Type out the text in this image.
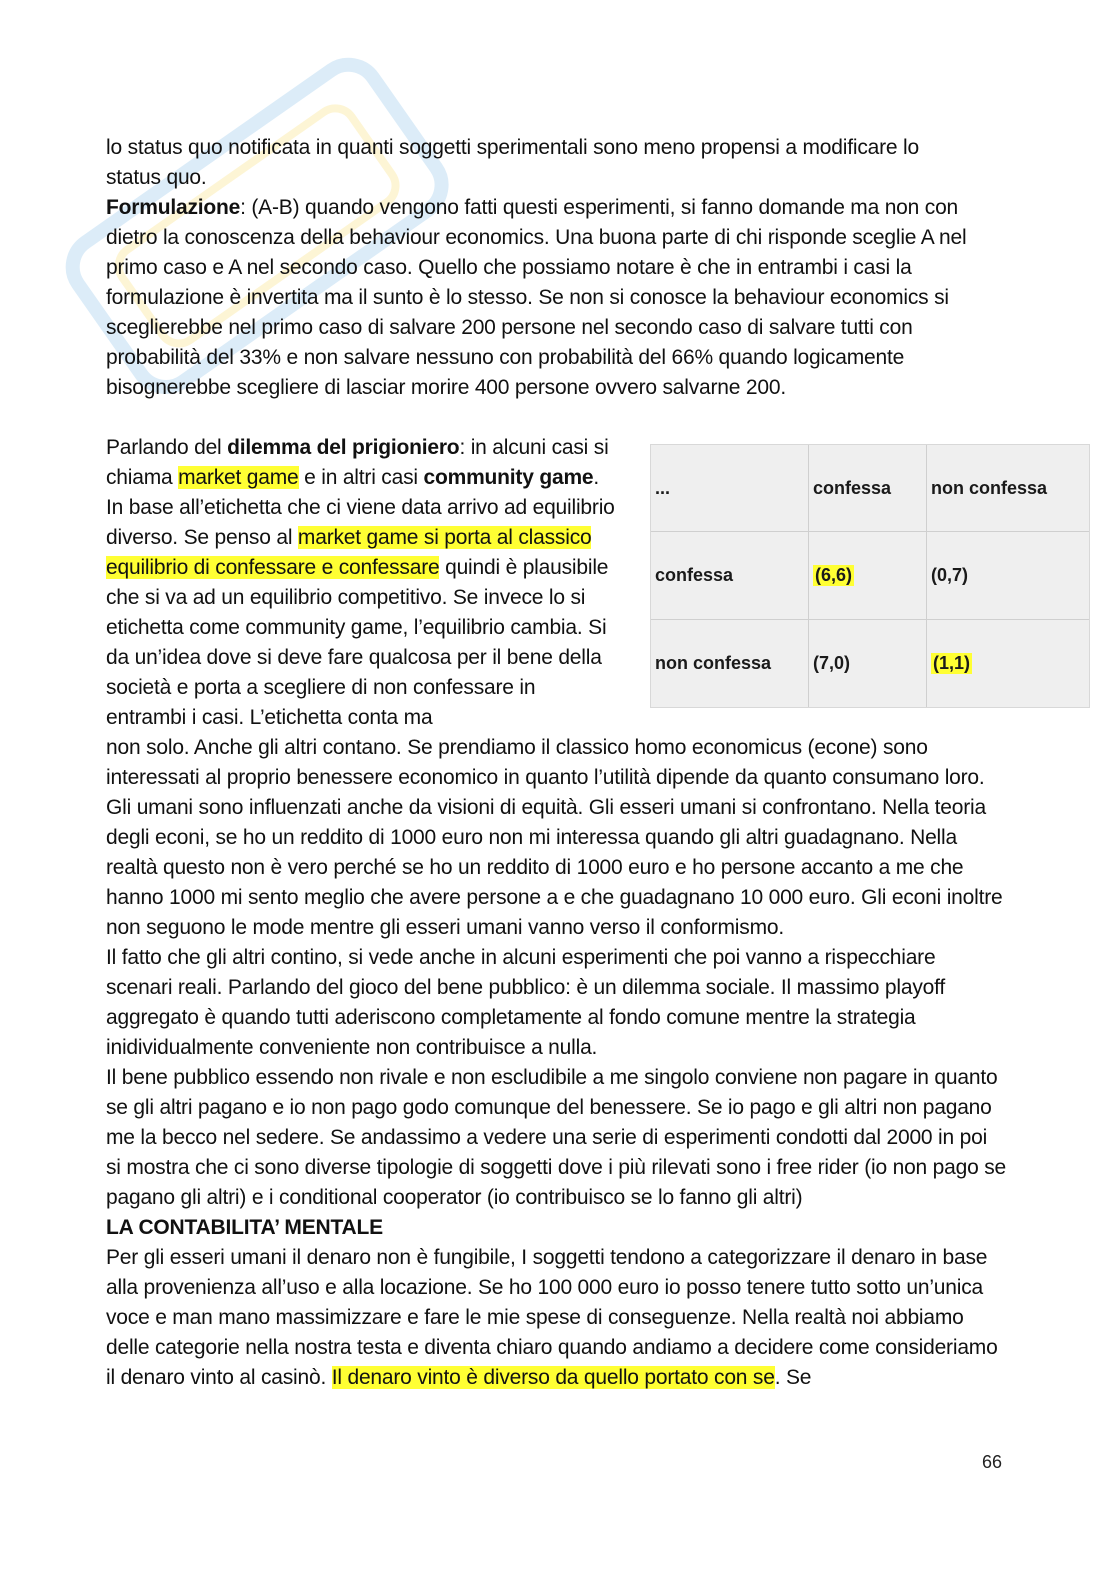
lo status quo notificata in quanti soggetti sperimentali sono meno propensi a modificare lo
status quo.

Formulazione: (A-B) quando vengono fatti questi esperimenti, si fanno domande ma non con dietro la conoscenza della behaviour economics. Una buona parte di chi risponde sceglie A nel primo caso e A nel secondo caso. Quello che possiamo notare è che in entrambi i casi la formulazione è invertita ma il sunto è lo stesso. Se non si conosce la behaviour economics si sceglierebbe nel primo caso di salvare 200 persone nel secondo caso di salvare tutti con probabilità del 33% e non salvare nessuno con probabilità del 66% quando logicamente bisognerebbe scegliere di lasciar morire 400 persone ovvero salvarne 200.

Parlando del dilemma del prigioniero: in alcuni casi si chiama market game e in altri casi community game. In base all’etichetta che ci viene data arrivo ad equilibrio diverso. Se penso al market game si porta al classico equilibrio di confessare e confessare quindi è plausibile che si va ad un equilibrio competitivo. Se invece lo si etichetta come community game, l’equilibrio cambia. Si da un’idea dove si deve fare qualcosa per il bene della società e porta a scegliere di non confessare in entrambi i casi. L’etichetta conta ma

...	confessa	non confessa
confessa	(6,6)	(0,7)
non confessa	(7,0)	(1,1)

non solo. Anche gli altri contano. Se prendiamo il classico homo economicus (econe) sono interessati al proprio benessere economico in quanto l’utilità dipende da quanto consumano loro. Gli umani sono influenzati anche da visioni di equità. Gli esseri umani si confrontano. Nella teoria degli econi, se ho un reddito di 1000 euro non mi interessa quando gli altri guadagnano. Nella realtà questo non è vero perché se ho un reddito di 1000 euro e ho persone accanto a me che hanno 1000 mi sento meglio che avere persone a e che guadagnano 10 000 euro. Gli econi inoltre non seguono le mode mentre gli esseri umani vanno verso il conformismo.

Il fatto che gli altri contino, si vede anche in alcuni esperimenti che poi vanno a rispecchiare scenari reali. Parlando del gioco del bene pubblico: è un dilemma sociale. Il massimo playoff aggregato è quando tutti aderiscono completamente al fondo comune mentre la strategia inidividualmente conveniente non contribuisce a nulla.

Il bene pubblico essendo non rivale e non escludibile a me singolo conviene non pagare in quanto se gli altri pagano e io non pago godo comunque del benessere. Se io pago e gli altri non pagano me la becco nel sedere. Se andassimo a vedere una serie di esperimenti condotti dal 2000 in poi si mostra che ci sono diverse tipologie di soggetti dove i più rilevati sono i free rider (io non pago se pagano gli altri) e i conditional cooperator (io contribuisco se lo fanno gli altri)

LA CONTABILITA’ MENTALE

Per gli esseri umani il denaro non è fungibile, I soggetti tendono a categorizzare il denaro in base alla provenienza all’uso e alla locazione. Se ho 100 000 euro io posso tenere tutto sotto un’unica voce e man mano massimizzare e fare le mie spese di conseguenze. Nella realtà noi abbiamo delle categorie nella nostra testa e diventa chiaro quando andiamo a decidere come consideriamo il denaro vinto al casinò. Il denaro vinto è diverso da quello portato con se. Se

66
